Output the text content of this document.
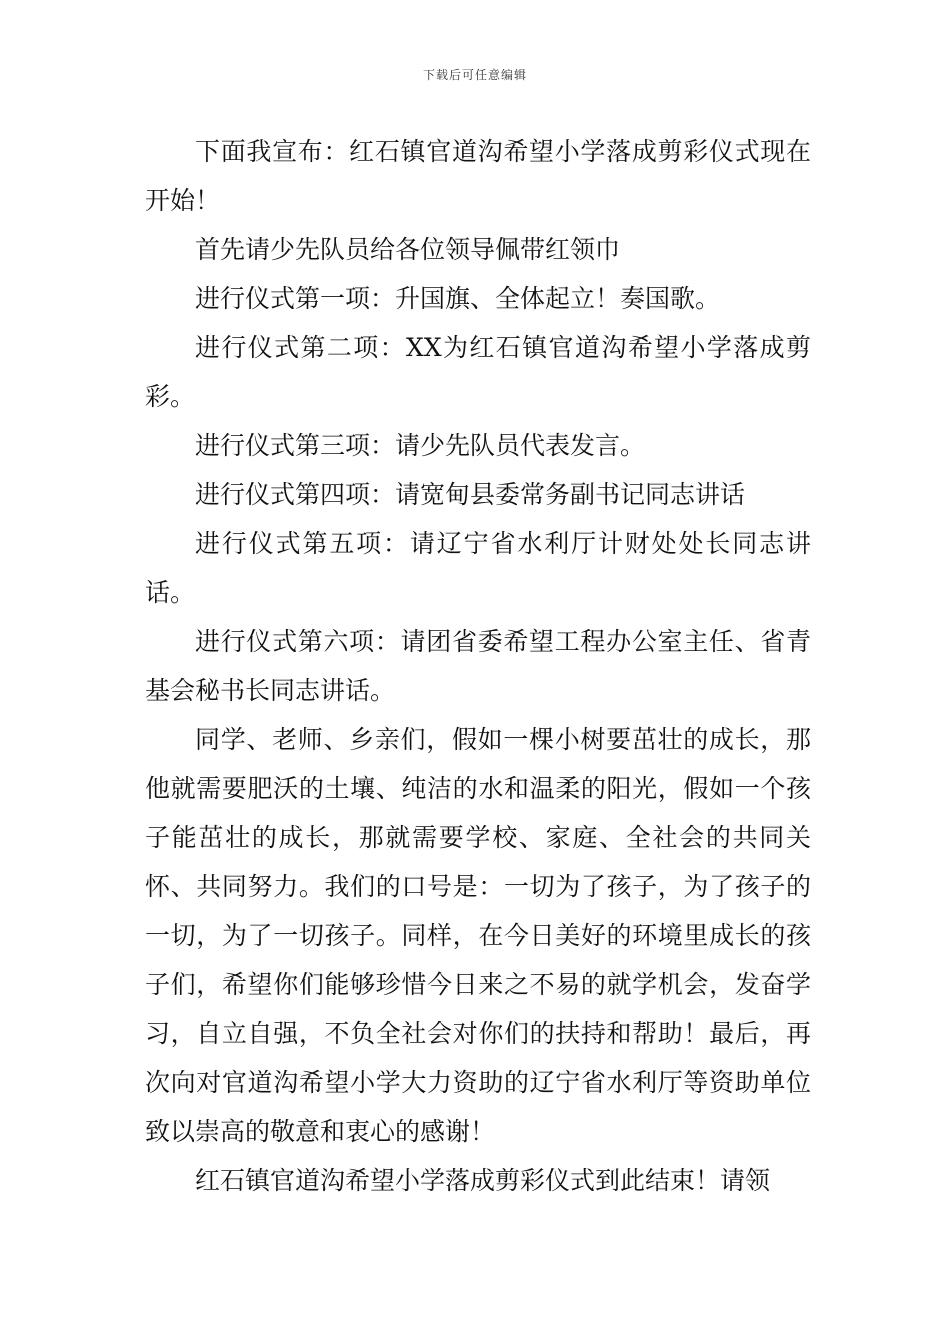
下载后可任意编辑

下面我宣布：红石镇官道沟希望小学落成剪彩仪式现在开始！

首先请少先队员给各位领导佩带红领巾

进行仪式第一项：升国旗、全体起立！奏国歌。

进行仪式第二项：XX为红石镇官道沟希望小学落成剪彩。

进行仪式第三项：请少先队员代表发言。

进行仪式第四项：请宽甸县委常务副书记同志讲话

进行仪式第五项：请辽宁省水利厅计财处处长同志讲话。

进行仪式第六项：请团省委希望工程办公室主任、省青基会秘书长同志讲话。

同学、老师、乡亲们，假如一棵小树要茁壮的成长，那他就需要肥沃的土壤、纯洁的水和温柔的阳光，假如一个孩子能茁壮的成长，那就需要学校、家庭、全社会的共同关怀、共同努力。我们的口号是：一切为了孩子，为了孩子的一切，为了一切孩子。同样，在今日美好的环境里成长的孩子们，希望你们能够珍惜今日来之不易的就学机会，发奋学习，自立自强，不负全社会对你们的扶持和帮助！最后，再次向对官道沟希望小学大力资助的辽宁省水利厅等资助单位致以崇高的敬意和衷心的感谢！

红石镇官道沟希望小学落成剪彩仪式到此结束！请领
